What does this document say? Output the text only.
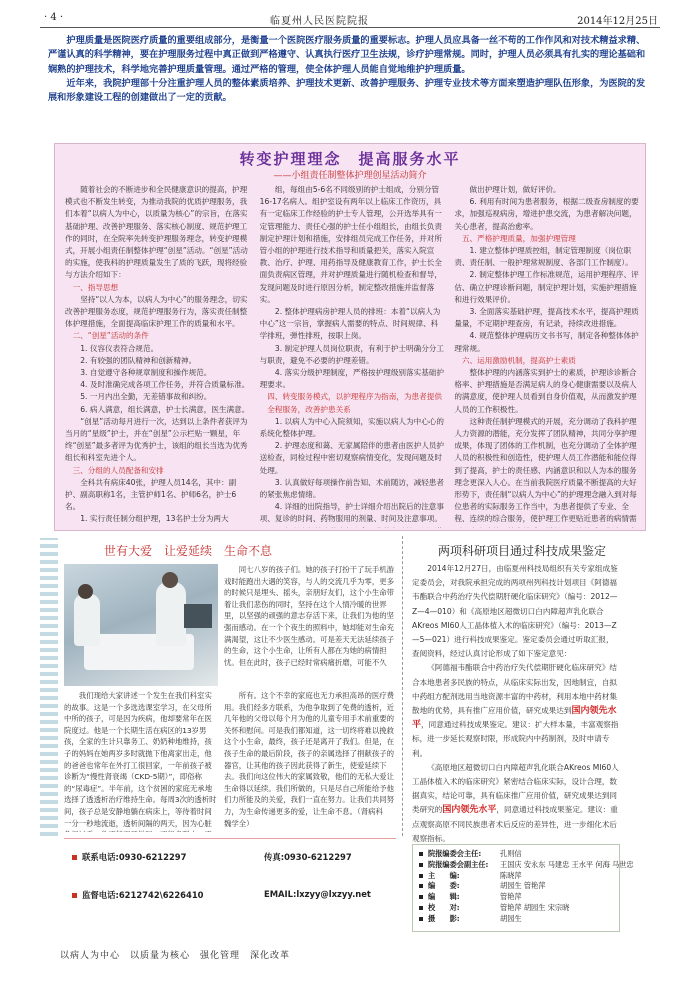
· 4 ·	临夏州人民医院院报	2014年12月25日

护理质量是医院医疗质量的重要组成部分，是衡量一个医院医疗服务质量的重要标志。护理人员应具备一丝不苟的工作作风和对技术精益求精、严谨认真的科学精神，要在护理服务过程中真正做到严格遵守、认真执行医疗卫生法规，诊疗护理常规。同时，护理人员必须具有扎实的理论基础和娴熟的护理技术，科学地完善护理质量管理。通过严格的管理，使全体护理人员能自觉地维护护理质量。

近年来，我院护理部十分注重护理人员的整体素质培养、护理技术更新、改善护理服务、护理专业技术等方面来塑造护理队伍形象，为医院的发展和形象建设工程的创建做出了一定的贡献。

转变护理理念　提高服务水平
——小组责任制整体护理创星活动简介

随着社会的不断进步和全民健康意识的提高，护理模式也不断发生转变，为推动我院的优质护理服务，我们本着“以病人为中心，以质量为核心”的宗旨，在落实基础护理、改善护理服务、落实核心制度、规范护理工作的同时，在全院率先转变护理服务理念，转变护理模式，开展小组责任制整体护理“创星”活动。“创星”活动的实施，使我科的护理质量发生了质的飞跃，现将经验与方法介绍如下：

一、指导思想

坚持“以人为本，以病人为中心”的服务理念，切实改善护理服务态度，规范护理服务行为，落实责任制整体护理措施，全面提高临床护理工作的质量和水平。

二、“创星”活动的条件

1. 仪容仪表符合规范。

2. 有较强的团队精神和创新精神。

3. 自觉遵守各种规章制度和操作规范。

4. 及时准确完成各项工作任务，并符合质量标准。

5. 一月内出全勤，无差错事故和纠纷。

6. 病人满意，组长满意，护士长满意，医生满意。

“创星”活动每月进行一次，达到以上条件者获评为当月的“星级”护士，并在“创星”公示栏贴一颗星，年终“创星”最多者评为优秀护士，该组的组长当选为优秀组长和科室先进个人。

三、分组的人员配备和安排

全科共有病床40张，护理人员14名，其中：副护、副高职称1名，主管护师1名、护师6名，护士6名。

1. 实行责任制分组护理，13名护士分为两大

组，每组由5-6名不同级别的护士组成，分别分管16-17名病人。组护室设有两年以上临床工作资历，具有一定临床工作经验的护士专人管理，公开选举具有一定管理能力、责任心强的护士任小组组长，由组长负责制定护理计划和措施，安排组员完成工作任务，并对所管小组的护理进行技术指导和质量把关，落实入院宣教、治疗、护理、用药指导及健康教育工作，护士长全面负责病区管理，并对护理质量进行随机检查和督导，发现问题及时进行原因分析，制定整改措施并监督落实。

2. 整体护理病房护理人员的排班：本着“以病人为中心”这一宗旨，掌握病人需要的特点、时间规律、科学排班，弹性排班，按职上岗。

3. 制定护理人员岗位职责，有利于护士明确分分工与职责，避免不必要的护理差错。

4. 落实分级护理制度，严格按护理级别落实基础护理要求。

四、转变服务模式，以护理程序为指南，为患者提供全程服务，改善护患关系

1. 以病人为中心入院须知，实施以病人为中心心的系统化整体护理。

2. 护理态度和蔼、无家属陪伴的患者由医护人员护送检查，同检过程中密切观察病情变化，发现问题及时处理。

3. 认真做好每项操作前告知、术前随访，减轻患者的紧张焦虑情绪。

4. 详细的出院指导，护士详细介绍出院后的注意事项、复诊的时间、药物服用的剂量、时间及注意事项。

做出护理计划，做好评价。

6. 利用有时间为患者服务，根据二级查房制度的要求，加强巡视病房，增进护患交流，为患者解决问题，关心患者，提高治愈率。

五、严格护理质量，加强护理管理

1. 建立整体护理质控组，制定管理制度（岗位职责、责任制、一般护理常规制度、各部门工作制度）。

2. 制定整体护理工作标准规范，运用护理程序、评估、确立护理诊断问题，制定护理计划，实施护理措施和进行效果评价。

3. 全面落实基础护理，提高技术水平，提高护理质量量，不定期护理查房，有记录，持续改进措施。

4. 规范整体护理病历文书书写，制定各种整体体护理常规。

六、运用激励机制，提高护士素质

整体护理的内涵落实到护士的素质，护理诊诊断合格率、护理措施是否满足病人的身心健康需要以及病人的满意度，使护理人员看到自身价值观，从而激发护理人员的工作积极性。

这种责任制护理模式的开展，充分调动了我科护理人力资源的潜能，充分发挥了团队精神，共同分享护理成果，体现了团体的工作机制，也充分调动了全体护理人员的积极性和创造性，使护理人员工作潜能和能位得到了提高，护士的责任感、内涵意识和以人为本的服务理念更深入人心。在当前我院医疗质量不断提高的大好形势下，责任制“以病人为中心”的护理理念融入到对每位患者的实际服务工作当中，为患者提供了专业、全程、连续的综合服务，使护理工作更贴近患者的病情需

世有大爱　让爱延续　生命不息

同七八岁的孩子们。她的孩子打扮干了玩手机游戏时能跑出大遇的笑容，与人的交流几乎为零，更多的时候只是埋头、摇头，亲朋好友们，这个小生命带着让我们悲伤的同时，坚持在这个人情冷暖的世界里，以坚强的顽强的意志存活下来，让我们为他的坚强而感动。在一个个夜生的照料中，她却能对生命充满渴望，这让不少医生感动。可是差天无法延续孩子的生命，这个小生命，让所有人都在为她的病情担忧。但在此时，孩子已经时常病痛折磨，可能不久

我们现给大家讲述一个发生在我们科室实的故事。这是一个多选选课室学习，在父母所中所的孩子，可是因为疾病，他却要常年在医院度过。他是一个长期生活在病区的13岁男孩，全家的生计只靠务工、奶奶种地维持，孩子的妈妈在她两岁多时就抛下他离家出走，他的爸爸也常年在外打工很回家，一年前孩子被诊断为“慢性肾衰竭（CKD-5期）”，即俗称的“尿毒症”。半年前，这个贫困的家庭无承地选择了透透析治疗维持生命。每周3次的透析时间，孩子总是安静地躺在病床上，等待着时间一分一秒地流逝，透析间隔的两天，因为心脏

所有。这个不幸的家庭也无力承担高昂的医疗费用。我们经多方联系，为他争取到了免费的透析，近几年他的父母以每个月为他的儿童专用手术前重要的关怀和慰问。可是我们都知道，这一切终将难以挽救这个小生命，最终，孩子还是离开了我们。但是，在孩子生命的最后阶段，孩子的亲属选择了捐献孩子的器官，让其他的孩子因此获得了新生，使爱延续下去。我们向这位伟大的家属致敬，他们的无私大爱让生命得以延续。我们所做的，只是尽自己所能给予他们力所能及的关爱，我们一直在努力。让我们共同努力，为生命传递更多的爱，让生命不息。（肾病科　魏学全）

两项科研项目通过科技成果鉴定

2014年12月27日，由临夏州科技局组织有关专家组成鉴定委员会，对我院承担完成的两项州列科技计划项目《阿德福韦酯联合中药治疗失代偿期肝硬化临床研究》（编号：2012—Z—4—010）和《高原地区超微切口白内障超声乳化联合AKreos MI60人工晶体植入术的临床研究》（编号：2013—Z—5—021）进行科技成果鉴定。鉴定委员会通过听取汇报，查阅资料，经过认真讨论形成了如下鉴定意见：

《阿德福韦酯联合中药治疗失代偿期肝硬化临床研究》结合本地患者多民族的特点，从临床实际出发，因地制宜，自拟中药组方配剂选用当地资源丰富的中药材，利用本地中药材集散地的优势，具有推广应用价值，研究成果达到国内领先水平，同意通过科技成果鉴定。建议：扩大样本量，丰富观察指标，进一步延长观察时限，形成院内中药制剂，及时申请专利。

《高原地区超微切口白内障超声乳化联合AKreos MI60人工晶体植入术的临床研究》紧密结合临床实际，设计合理，数据真实，结论可靠，具有临床推广应用价值，研究成果达到同类研究的国内领先水平，同意通过科技成果鉴定。建议：重点观察高原不同民族患者术后反应的差异性，进一步细化术后观察指标。

联系电话:0930-6212297	传真:0930-6212297
监督电话:6212742\6226410	EMAIL:lxzyy@lxzyy.net
院报编委会主任:	孔则信
院报编委会副主任: 王国庆 安永东 马建忠 王水平 何海 马世忠
主　　编:	陈晓萍
编　　委:	胡园生 管艳萍
编　　辑:	管艳萍
校　　对:	管艳萍 胡园生 宋宗晓
摄　　影:	胡园生
以病人为中心　以质量为核心　强化管理　深化改革
